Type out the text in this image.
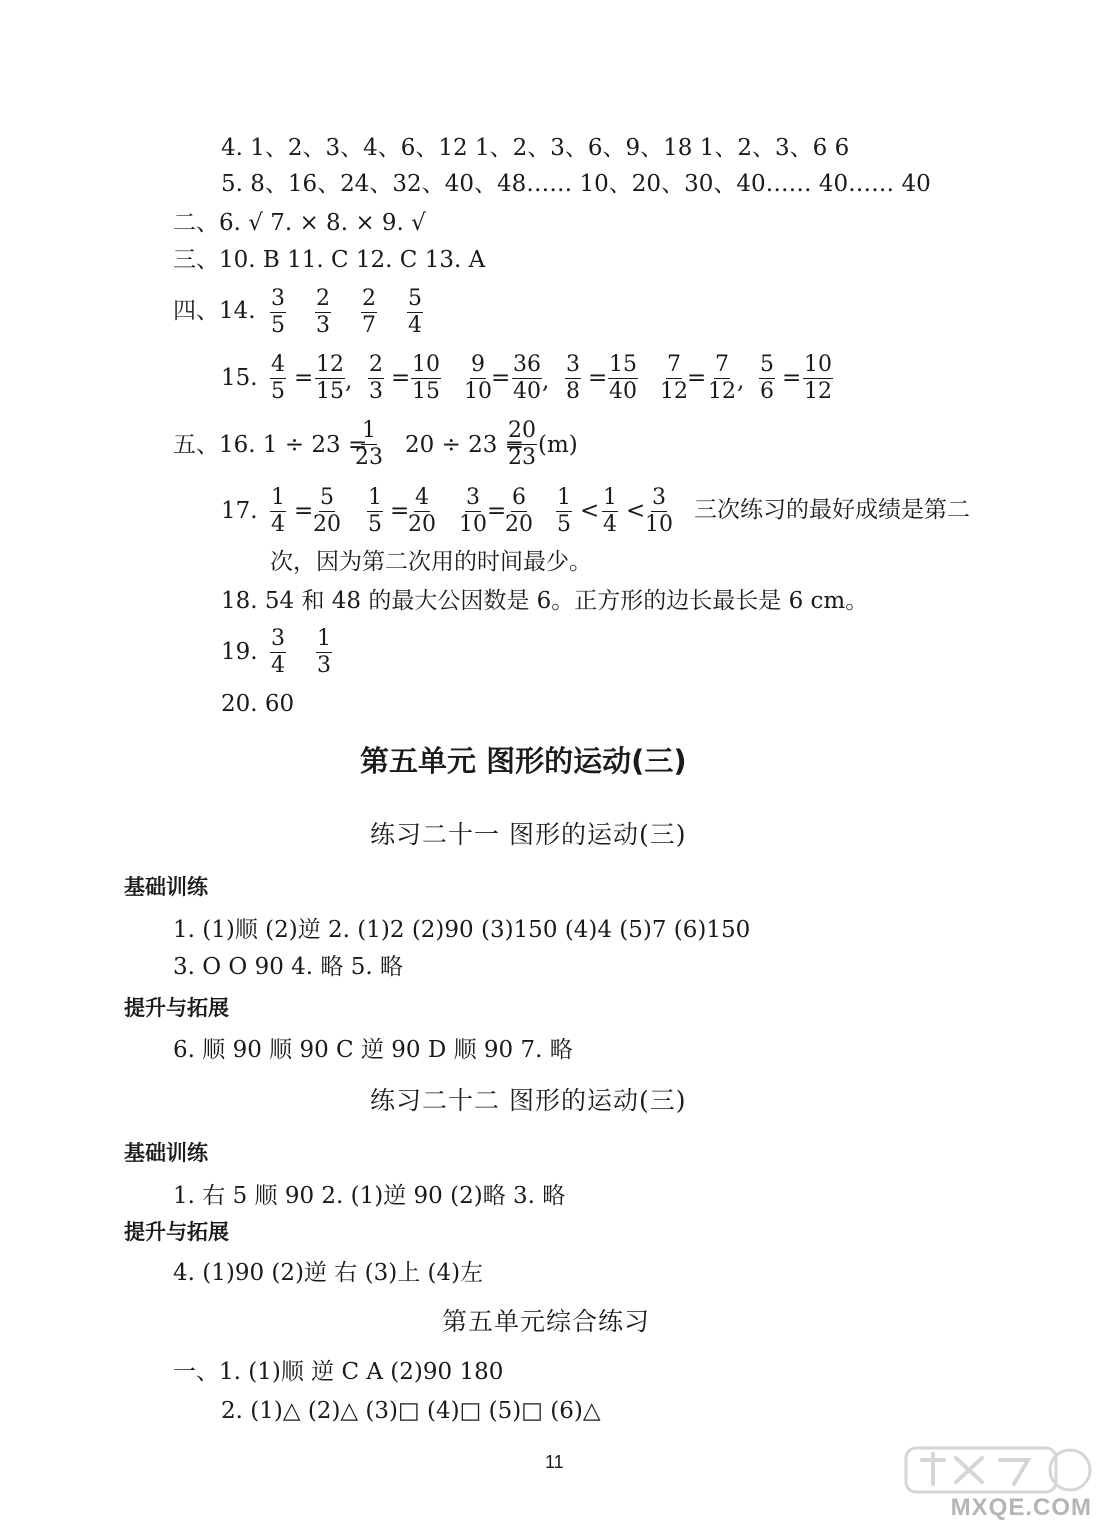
4. 1、2、3、4、6、12 1、2、3、6、9、18 1、2、3、6 6
5. 8、16、24、32、40、48…… 10、20、30、40…… 40…… 40
二、6. √ 7. × 8. × 9. √
三、10. B 11. C 12. C 13. A
四、14. $\frac{3}{5} \frac{2}{3} \frac{2}{7} \frac{5}{4}$
15. $\frac{4}{5} = \frac{12}{15}$ , $\frac{2}{3} = \frac{10}{15} \frac{9}{10} = \frac{36}{40}$ , $\frac{3}{8} = \frac{15}{40} \frac{7}{12} = \frac{7}{12}$ , $\frac{5}{6} = \frac{10}{12}$
五、16. 1 ÷ 23 =
$\frac{1}{23} 20 \div 23$ =
$\frac{20}{23} (m)$
17. $\frac{1}{4} = \frac{5}{20} \frac{1}{5}$ =
$\frac{4}{20} \frac{3}{10}$ =
$\frac{6}{20} \frac{1}{5} < \frac{1}{4} < \frac{3}{10}$ 三次练习的最好成绩是第二
次，因为第二次用的时间最少。
18. 54 和 48 的最大公因数是 6。正方形的边长最长是 6 cm。
19. $\frac{3}{4} \frac{1}{3}$
20. 60
第五单元 图形的运动(三)
练习二十一 图形的运动(三)
基础训练
1. (1)顺 (2)逆 2. (1)2 (2)90 (3)150 (4)4 (5)7 (6)150
3. O O 90 4. 略 5. 略
提升与拓展
6. 顺 90 顺 90 C 逆 90 D 顺 90 7. 略
练习二十二 图形的运动(三)
基础训练
1. 右 5 顺 90 2. (1)逆 90 (2)略 3. 略
提升与拓展
4. (1)90 (2)逆 右 (3)上 (4)左
第五单元综合练习
一、1. (1)顺 逆 C A (2)90 180
2. (1)△ (2)△ (3)□ (4)□ (5)□ (6)△
11
MXQE.COM
